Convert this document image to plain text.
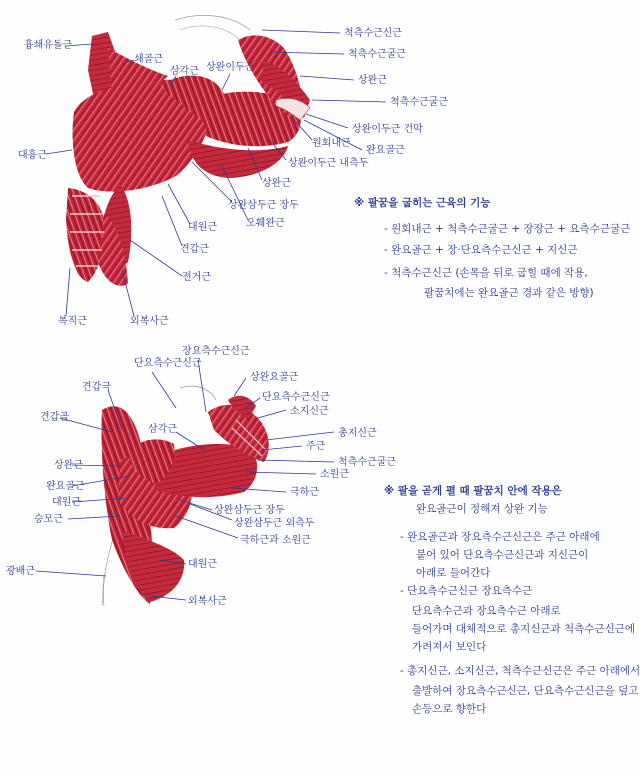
척측수근신근
척측수근굴근
상완근
척측수근굴근
상완이두근 건막
원회내근
완요골근
상완이두근 내측두
상완근
상완삼두근 장두
오훼완근
대원근
견갑근
전거근
외복사근
복직근
대흉근
흉쇄유돌근
쇄골근
삼각근 상완이두근
※ 팔꿈을 굽히는 근육의 기능
- 원회내근 + 척측수근굴근 + 장장근 + 요측수근굴근
- 완요골근 + 장·단요측수근신근 + 지신근
- 척측수근신근 (손목을 뒤로 굽힐 때에 작용,
팔꿈치에는 완요골근 경과 같은 방향)
단요측수근신근
장요측수근신근
상완요골근
견갑극
단요측수근신근
소지신근
총지신근
견갑골
삼각근
주근
척측수근굴근
상완근
소원근
완요골근
극하근
대원근
상완삼두근 장두
상완삼두근 외측두
극하근과 소원근
승모근
대원근
광배근
외복사근
※ 팔을 곧게 펼 때 팔꿈치 안에 작용은
완요골근이 정해져 상완 기능
- 완요골근과 장요측수근신근은 주근 아래에
붙어 있어 단요측수근신근과 지신근이
아래로 들어간다
- 단요측수근신근 장요측수근
단요측수근과 장요측수근 아래로
들어가며 대체적으로 총지신근과 척측수근신근에
가려져서 보인다
- 총지신근, 소지신근, 척측수근신근은 주근 아래에서
출발하여 장요측수근신근, 단요측수근신근을 덮고
손등으로 향한다
